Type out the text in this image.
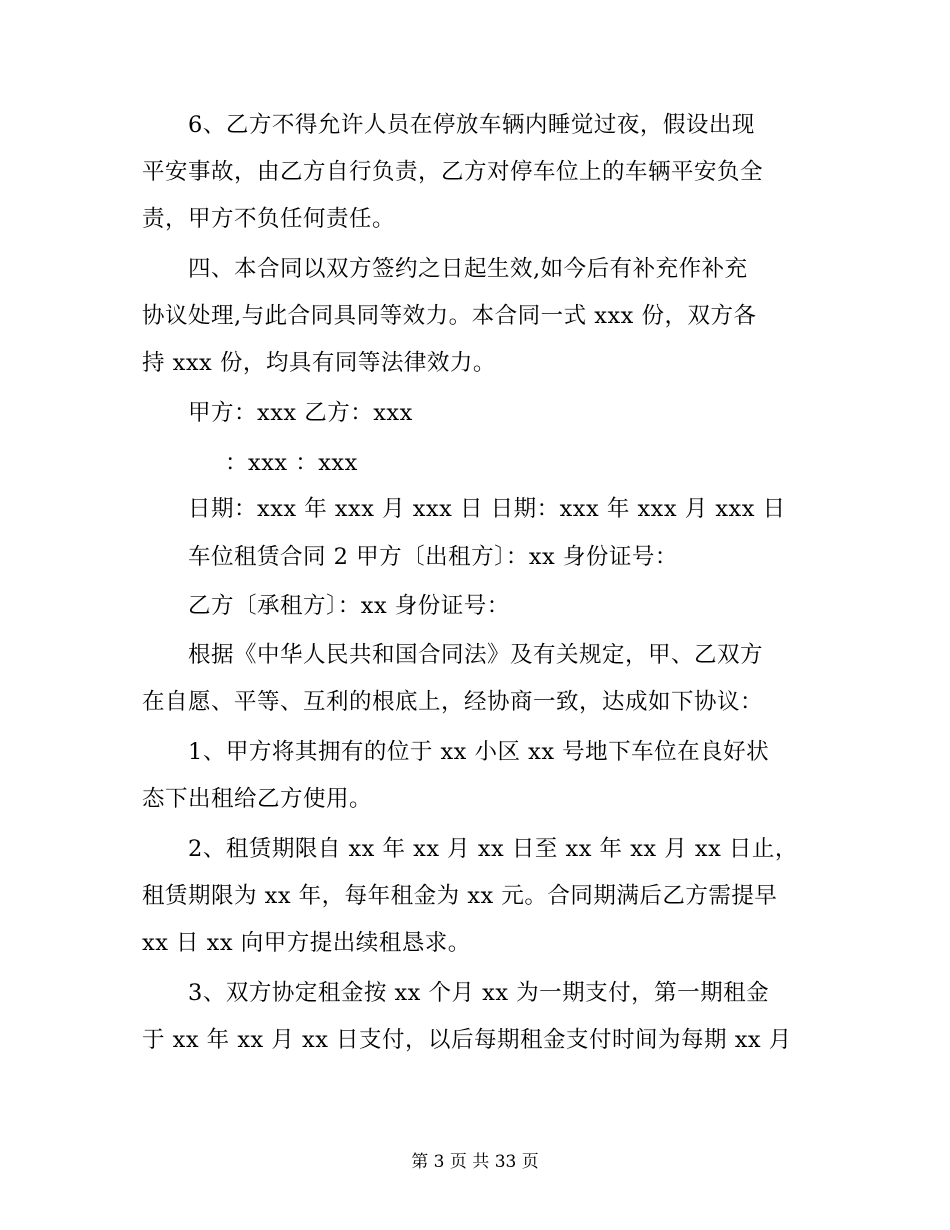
6、乙方不得允许人员在停放车辆内睡觉过夜，假设出现
平安事故，由乙方自行负责，乙方对停车位上的车辆平安负全
责，甲方不负任何责任。
四、本合同以双方签约之日起生效,如今后有补充作补充
协议处理,与此合同具同等效力。本合同一式 xxx 份，双方各
持 xxx 份，均具有同等法律效力。
甲方：xxx 乙方：xxx
：xxx ：xxx
日期：xxx 年 xxx 月 xxx 日 日期：xxx 年 xxx 月 xxx 日
车位租赁合同 2 甲方〔出租方〕：xx 身份证号：
乙方〔承租方〕：xx 身份证号：
根据《中华人民共和国合同法》及有关规定，甲、乙双方
在自愿、平等、互利的根底上，经协商一致，达成如下协议：
1、甲方将其拥有的位于 xx 小区 xx 号地下车位在良好状
态下出租给乙方使用。
2、租赁期限自 xx 年 xx 月 xx 日至 xx 年 xx 月 xx 日止，
租赁期限为 xx 年，每年租金为 xx 元。合同期满后乙方需提早
xx 日 xx 向甲方提出续租恳求。
3、双方协定租金按 xx 个月 xx 为一期支付，第一期租金
于 xx 年 xx 月 xx 日支付，以后每期租金支付时间为每期 xx 月
第 3 页 共 33 页
